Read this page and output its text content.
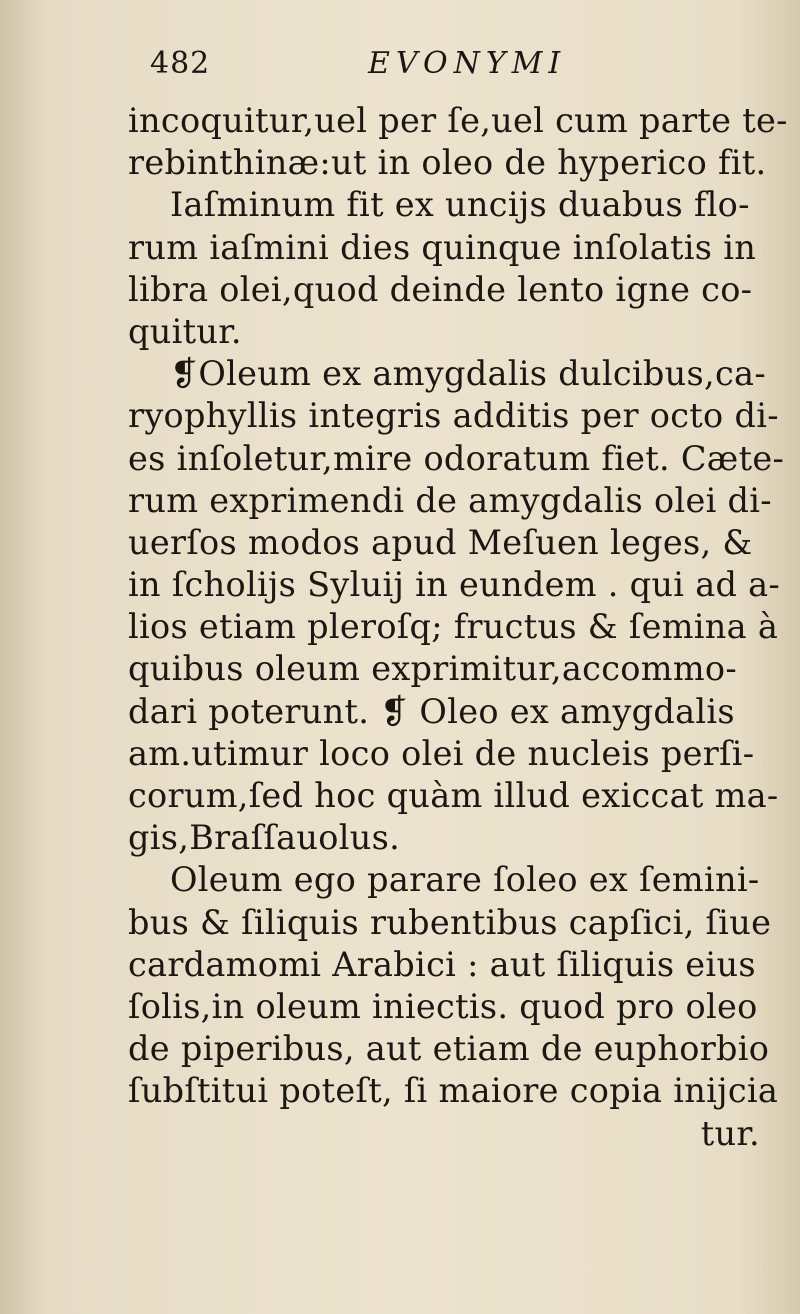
482	EVONYMI
incoquitur,uel per ſe,uel cum parte te-
rebinthinæ:ut in oleo de hyperico fit.
Iaſminum fit ex uncijs duabus flo-
rum iaſmini dies quinque inſolatis in
libra olei,quod deinde lento igne co-
quitur.
❡Oleum ex amygdalis dulcibus,ca-
ryophyllis integris additis per octo di-
es inſoletur,mire odoratum fiet. Cæte-
rum exprimendi de amygdalis olei di-
uerſos modos apud Meſuen leges, &
in ſcholijs Syluij in eundem . qui ad a-
lios etiam pleroſq; fructus & ſemina à
quibus oleum exprimitur,accommo-
dari poterunt. ❡ Oleo ex amygdalis
am.utimur loco olei de nucleis perſi-
corum,ſed hoc quàm illud exiccat ma-
gis,Braſſauolus.
Oleum ego parare ſoleo ex ſemini-
bus & ſiliquis rubentibus capſici, ſiue
cardamomi Arabici : aut ſiliquis eius
ſolis,in oleum iniectis. quod pro oleo
de piperibus, aut etiam de euphorbio
ſubſtitui poteſt, ſi maiore copia inijcia
tur.
